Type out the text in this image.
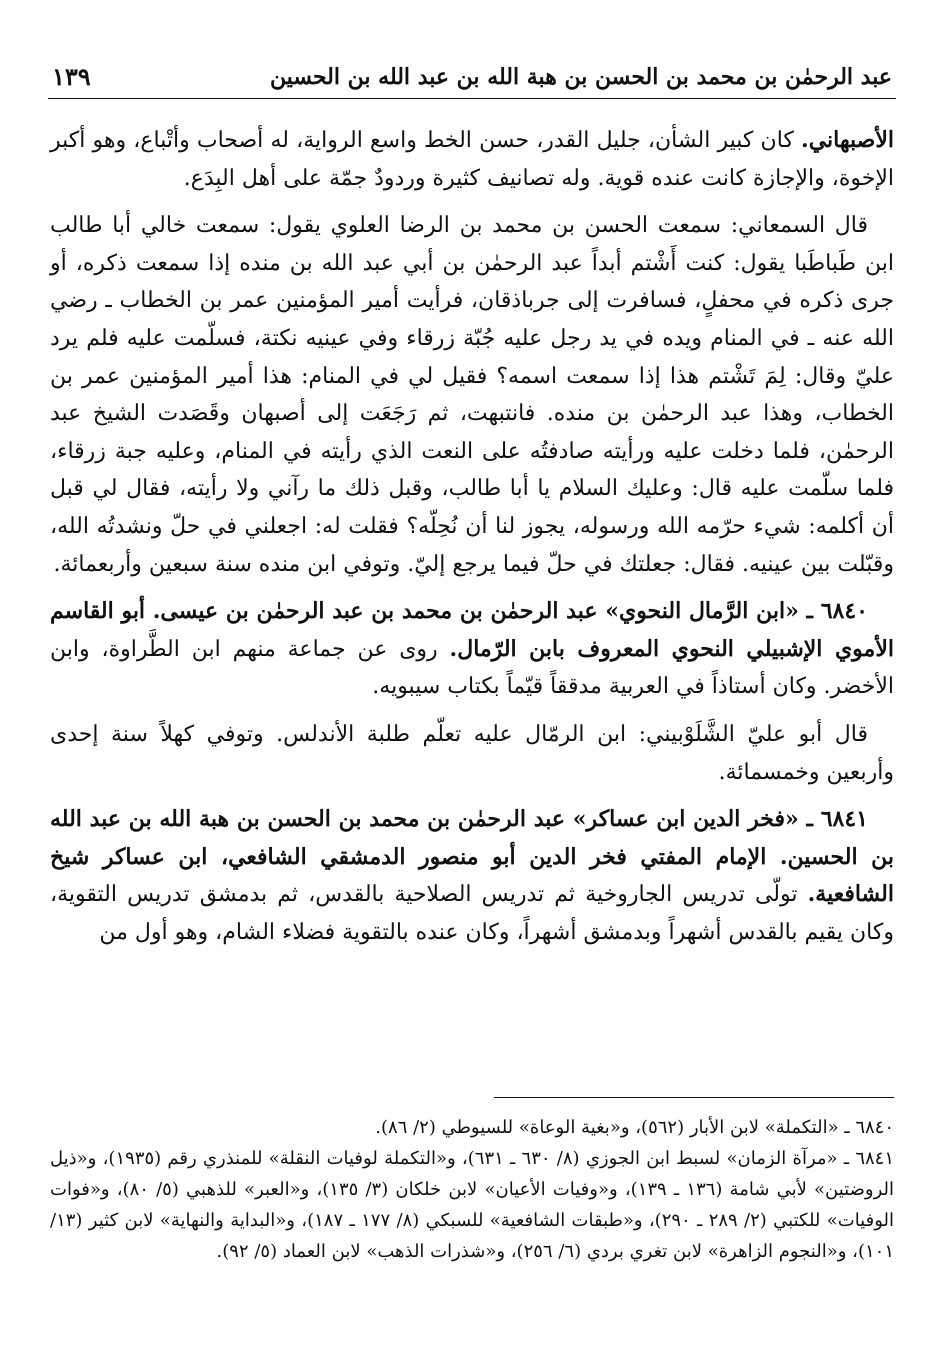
عبد الرحمٰن بن محمد بن الحسن بن هبة الله بن عبد الله بن الحسين
١٣٩

الأصبهاني. كان كبير الشأن، جليل القدر، حسن الخط واسع الرواية، له أصحاب وأتْباع، وهو أكبر الإخوة، والإجازة كانت عنده قوية. وله تصانيف كثيرة وردودٌ جمّة على أهل البِدَع.

قال السمعاني: سمعت الحسن بن محمد بن الرضا العلوي يقول: سمعت خالي أبا طالب ابن طَباطَبا يقول: كنت أَشْتم أبداً عبد الرحمٰن بن أبي عبد الله بن منده إذا سمعت ذكره، أو جرى ذكره في محفلٍ، فسافرت إلى جرباذقان، فرأيت أمير المؤمنين عمر بن الخطاب ـ رضي الله عنه ـ في المنام ويده في يد رجل عليه جُبّة زرقاء وفي عينيه نكتة، فسلّمت عليه فلم يرد عليّ وقال: لِمَ تَشْتم هذا إذا سمعت اسمه؟ فقيل لي في المنام: هذا أمير المؤمنين عمر بن الخطاب، وهذا عبد الرحمٰن بن منده. فانتبهت، ثم رَجَعَت إلى أصبهان وقَصَدت الشيخ عبد الرحمٰن، فلما دخلت عليه ورأيته صادفتُه على النعت الذي رأيته في المنام، وعليه جبة زرقاء، فلما سلّمت عليه قال: وعليك السلام يا أبا طالب، وقبل ذلك ما رآني ولا رأيته، فقال لي قبل أن أكلمه: شيء حرّمه الله ورسوله، يجوز لنا أن نُحِلّه؟ فقلت له: اجعلني في حلّ ونشدتُه الله، وقبّلت بين عينيه. فقال: جعلتك في حلّ فيما يرجع إليّ. وتوفي ابن منده سنة سبعين وأربعمائة.

٦٨٤٠ ـ «ابن الرَّمال النحوي» عبد الرحمٰن بن محمد بن عبد الرحمٰن بن عيسى. أبو القاسم الأموي الإشبيلي النحوي المعروف بابن الرّمال. روى عن جماعة منهم ابن الطَّراوة، وابن الأخضر. وكان أستاذاً في العربية مدققاً قيّماً بكتاب سيبويه.

قال أبو عليّ الشَّلَوْبيني: ابن الرمّال عليه تعلّم طلبة الأندلس. وتوفي كهلاً سنة إحدى وأربعين وخمسمائة.

٦٨٤١ ـ «فخر الدين ابن عساكر» عبد الرحمٰن بن محمد بن الحسن بن هبة الله بن عبد الله بن الحسين. الإمام المفتي فخر الدين أبو منصور الدمشقي الشافعي، ابن عساكر شيخ الشافعية. تولّى تدريس الجاروخية ثم تدريس الصلاحية بالقدس، ثم بدمشق تدريس التقوية، وكان يقيم بالقدس أشهراً وبدمشق أشهراً، وكان عنده بالتقوية فضلاء الشام، وهو أول من

٦٨٤٠ ـ «التكملة» لابن الأبار (٥٦٢)، و«بغية الوعاة» للسيوطي (٢/ ٨٦).

٦٨٤١ ـ «مرآة الزمان» لسبط ابن الجوزي (٨/ ٦٣٠ ـ ٦٣١)، و«التكملة لوفيات النقلة» للمنذري رقم (١٩٣٥)، و«ذيل الروضتين» لأبي شامة (١٣٦ ـ ١٣٩)، و«وفيات الأعيان» لابن خلكان (٣/ ١٣٥)، و«العبر» للذهبي (٥/ ٨٠)، و«فوات الوفيات» للكتبي (٢/ ٢٨٩ ـ ٢٩٠)، و«طبقات الشافعية» للسبكي (٨/ ١٧٧ ـ ١٨٧)، و«البداية والنهاية» لابن كثير (١٣/ ١٠١)، و«النجوم الزاهرة» لابن تغري بردي (٦/ ٢٥٦)، و«شذرات الذهب» لابن العماد (٥/ ٩٢).
